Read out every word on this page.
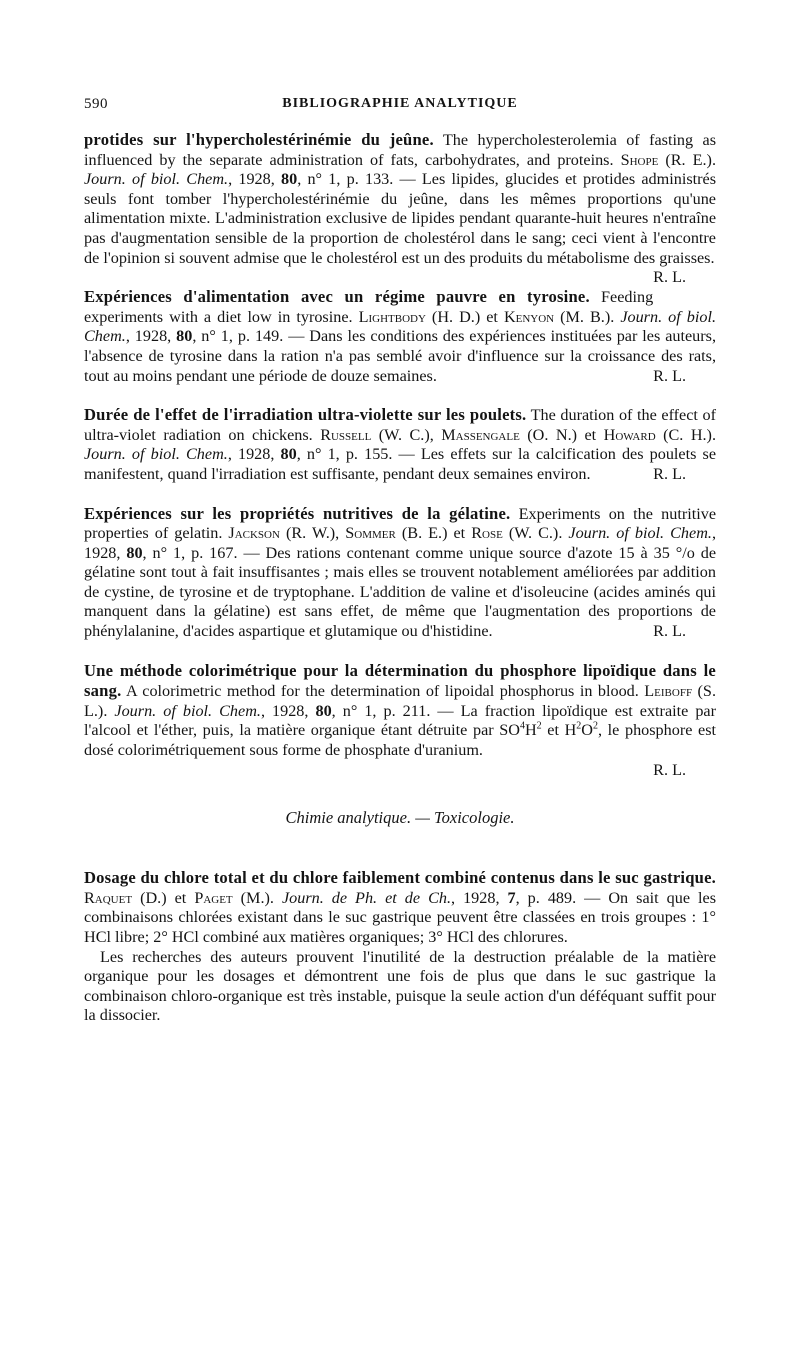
590	BIBLIOGRAPHIE ANALYTIQUE

protides sur l'hypercholestérinémie du jeûne. The hypercholesterolemia of fasting as influenced by the separate administration of fats, carbohydrates, and proteins. Shope (R. E.). Journ. of biol. Chem., 1928, 80, n° 1, p. 133. — Les lipides, glucides et protides administrés seuls font tomber l'hypercholestérinémie du jeûne, dans les mêmes proportions qu'une alimentation mixte. L'administration exclusive de lipides pendant quarante-huit heures n'entraîne pas d'augmentation sensible de la proportion de cholestérol dans le sang; ceci vient à l'encontre de l'opinion si souvent admise que le cholestérol est un des produits du métabolisme des graisses.
R. L.

Expériences d'alimentation avec un régime pauvre en tyrosine. Feeding experiments with a diet low in tyrosine. Lightbody (H. D.) et Kenyon (M. B.). Journ. of biol. Chem., 1928, 80, n° 1, p. 149. — Dans les conditions des expériences instituées par les auteurs, l'absence de tyrosine dans la ration n'a pas semblé avoir d'influence sur la croissance des rats, tout au moins pendant une période de douze semaines.	R. L.

Durée de l'effet de l'irradiation ultra-violette sur les poulets. The duration of the effect of ultra-violet radiation on chickens. Russell (W. C.), Massengale (O. N.) et Howard (C. H.). Journ. of biol. Chem., 1928, 80, n° 1, p. 155. — Les effets sur la calcification des poulets se manifestent, quand l'irradiation est suffisante, pendant deux semaines environ.	R. L.

Expériences sur les propriétés nutritives de la gélatine. Experiments on the nutritive properties of gelatin. Jackson (R. W.), Sommer (B. E.) et Rose (W. C.). Journ. of biol. Chem., 1928, 80, n° 1, p. 167. — Des rations contenant comme unique source d'azote 15 à 35 °/o de gélatine sont tout à fait insuffisantes ; mais elles se trouvent notablement améliorées par addition de cystine, de tyrosine et de tryptophane. L'addition de valine et d'isoleucine (acides aminés qui manquent dans la gélatine) est sans effet, de même que l'augmentation des proportions de phénylalanine, d'acides aspartique et glutamique ou d'histidine.	R. L.

Une méthode colorimétrique pour la détermination du phosphore lipoïdique dans le sang. A colorimetric method for the determination of lipoidal phosphorus in blood. Leiboff (S. L.). Journ. of biol. Chem., 1928, 80, n° 1, p. 211. — La fraction lipoïdique est extraite par l'alcool et l'éther, puis, la matière organique étant détruite par $SO^4H^2$ et $H^2O^2$, le phosphore est dosé colorimétriquement sous forme de phosphate d'uranium.

R. L.
Chimie analytique. — Toxicologie.

Dosage du chlore total et du chlore faiblement combiné contenus dans le suc gastrique. Raquet (D.) et Paget (M.). Journ. de Ph. et de Ch., 1928, 7, p. 489. — On sait que les combinaisons chlorées existant dans le suc gastrique peuvent être classées en trois groupes : 1° HCl libre; 2° HCl combiné aux matières organiques; 3° HCl des chlorures.

Les recherches des auteurs prouvent l'inutilité de la destruction préalable de la matière organique pour les dosages et démontrent une fois de plus que dans le suc gastrique la combinaison chloro-organique est très instable, puisque la seule action d'un déféquant suffit pour la dissocier.
